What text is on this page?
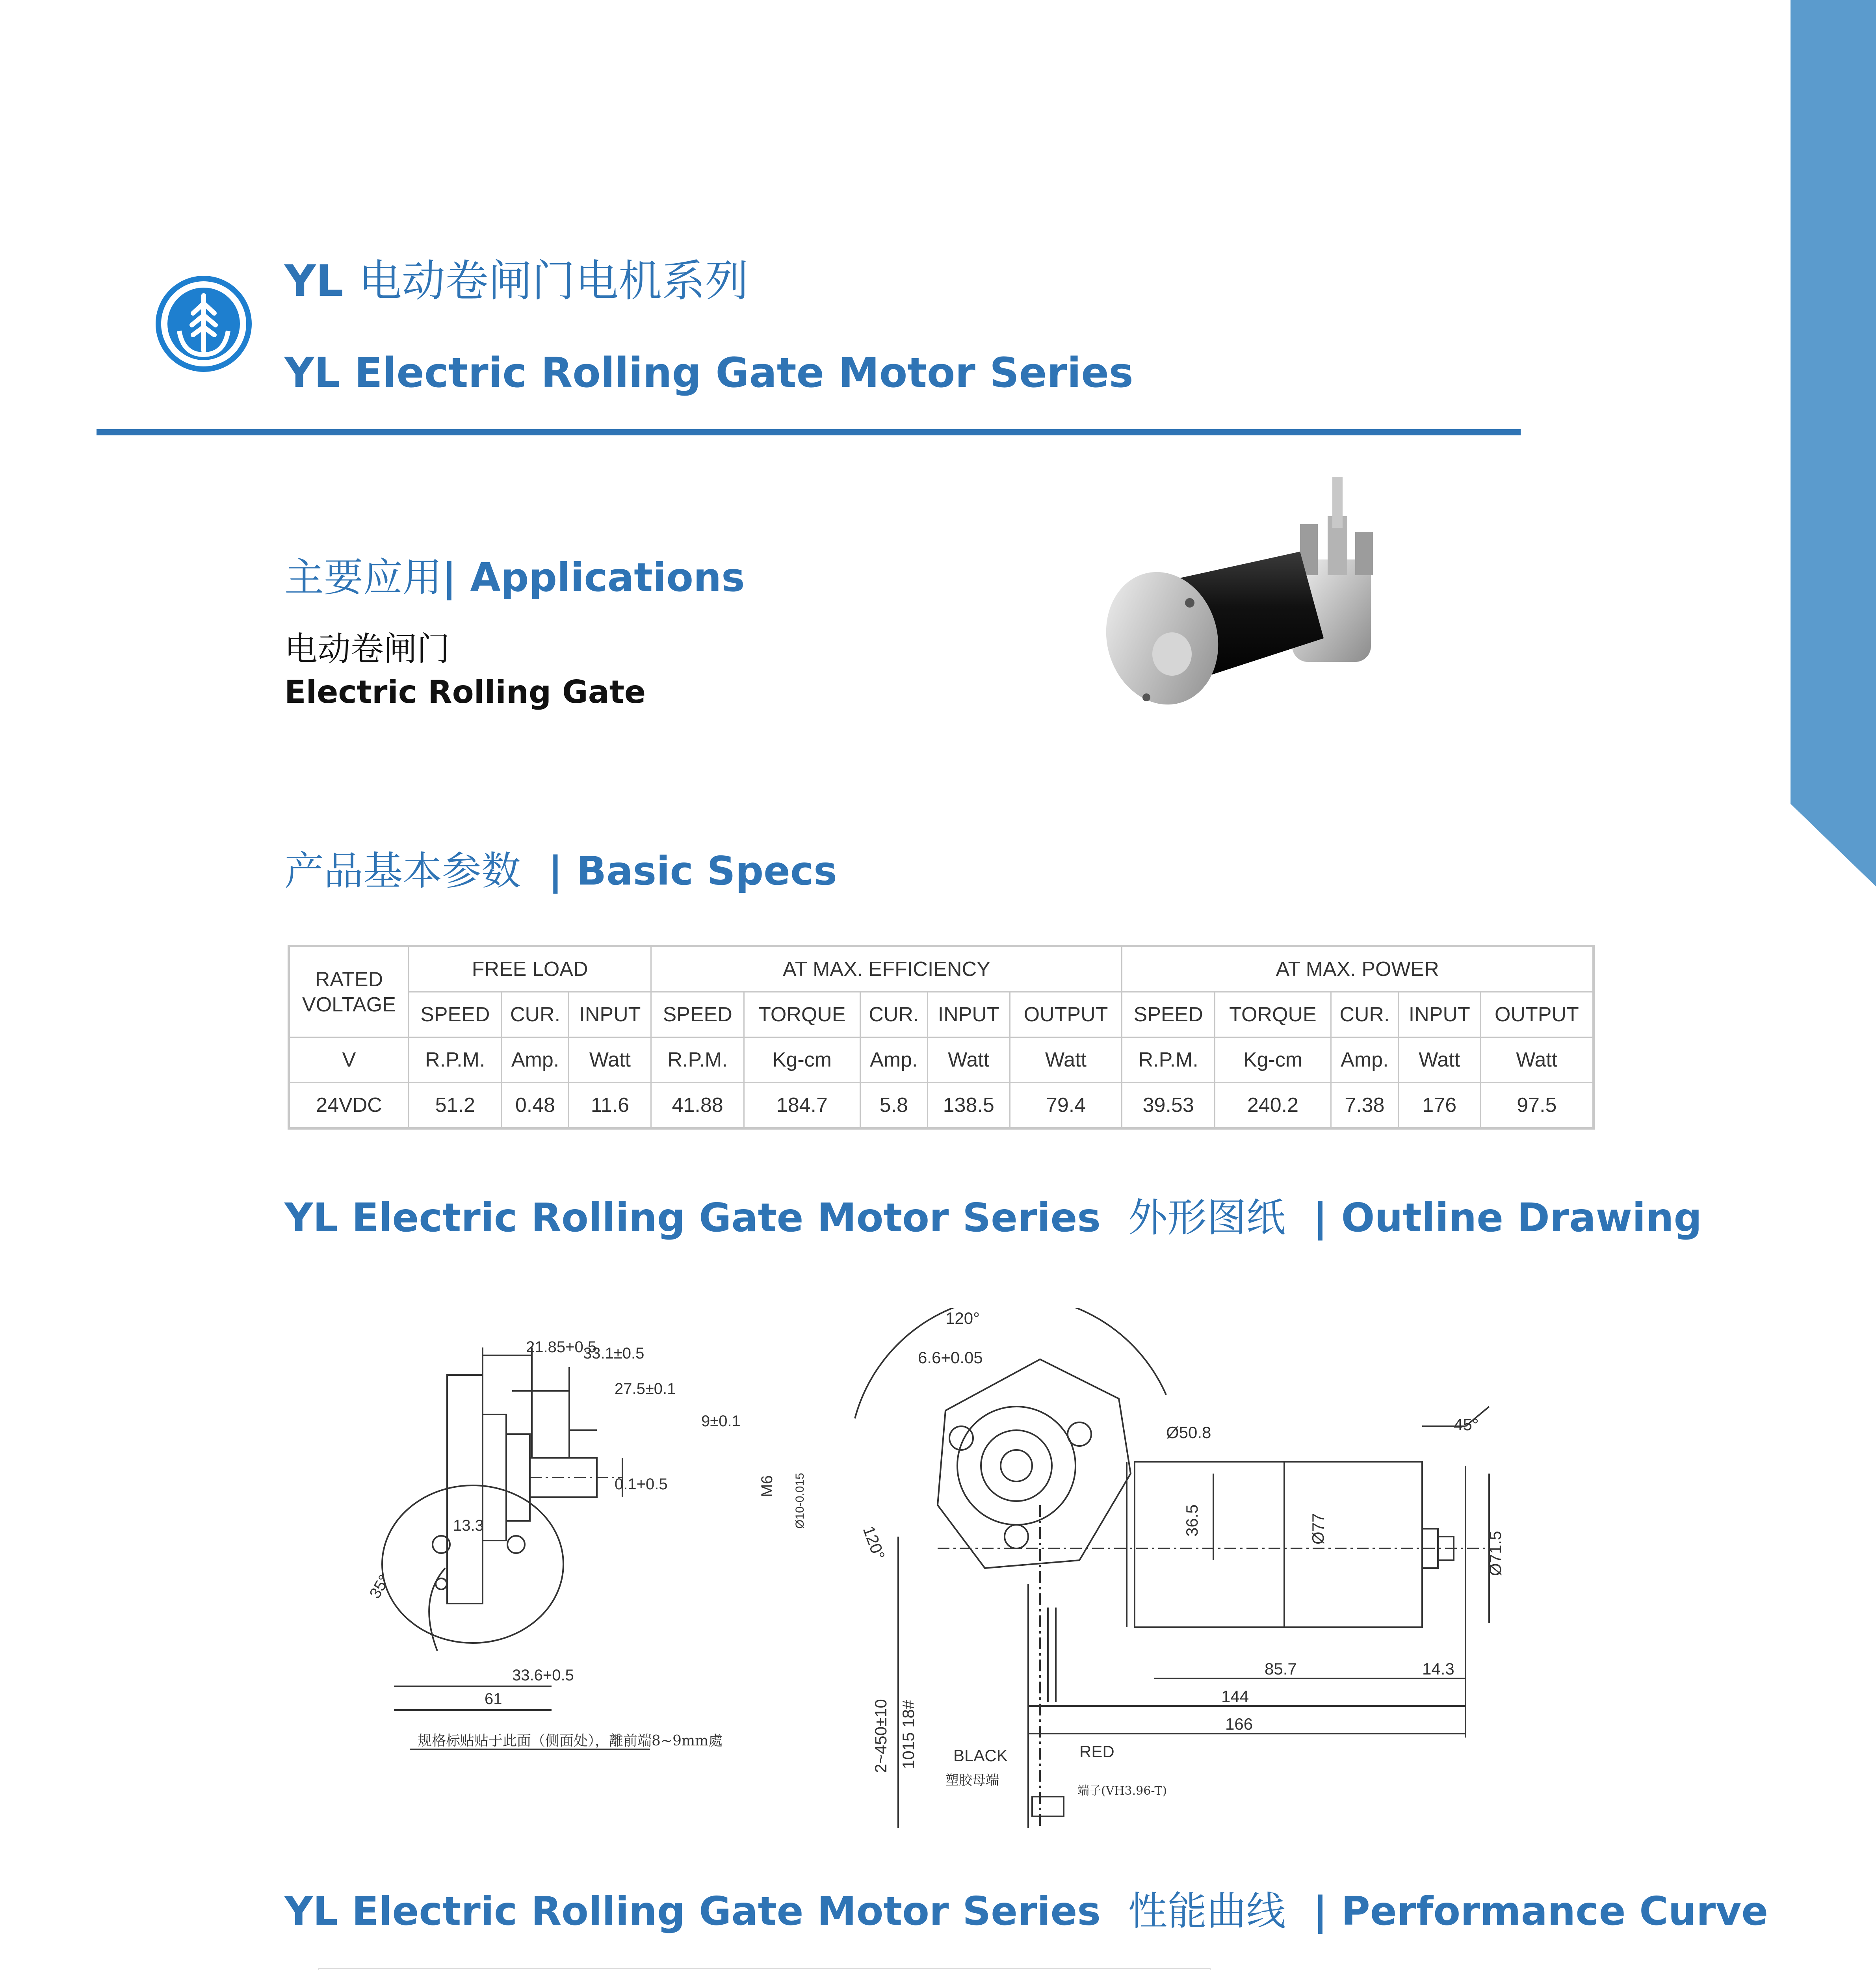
YL 电动卷闸门电机系列
YL Electric Rolling Gate Motor Series
主要应用| Applications
电动卷闸门
Electric Rolling Gate
产品基本参数 | Basic Specs
RATED VOLTAGE	FREE LOAD			AT MAX. EFFICIENCY					AT MAX. POWER				
	SPEED	CUR.	INPUT	SPEED	TORQUE	CUR.	INPUT	OUTPUT	SPEED	TORQUE	CUR.	INPUT	OUTPUT
V	R.P.M.	Amp.	Watt	R.P.M.	Kg-cm	Amp.	Watt	Watt	R.P.M.	Kg-cm	Amp.	Watt	Watt
24VDC	51.2	0.48	11.6	41.88	184.7	5.8	138.5	79.4	39.53	240.2	7.38	176	97.5
YL Electric Rolling Gate Motor Series 外形图纸 | Outline Drawing
21.85+0.5
33.1±0.5
27.5±0.1
9±0.1
0.1+0.5	M6 Ø10-0.015
13.3
35°
33.6+0.5
61
规格标贴贴于此面（侧面处），離前端8~9mm處
120°
6.6+0.05
Ø50.8	45°
36.5	Ø77
Ø71.5
120°
85.7	14.3
144
166
2~450±10 1015 18# BLACK	RED
塑胶母端
端子(VH3.96-T)
YL Electric Rolling Gate Motor Series 性能曲线 | Performance Curve
